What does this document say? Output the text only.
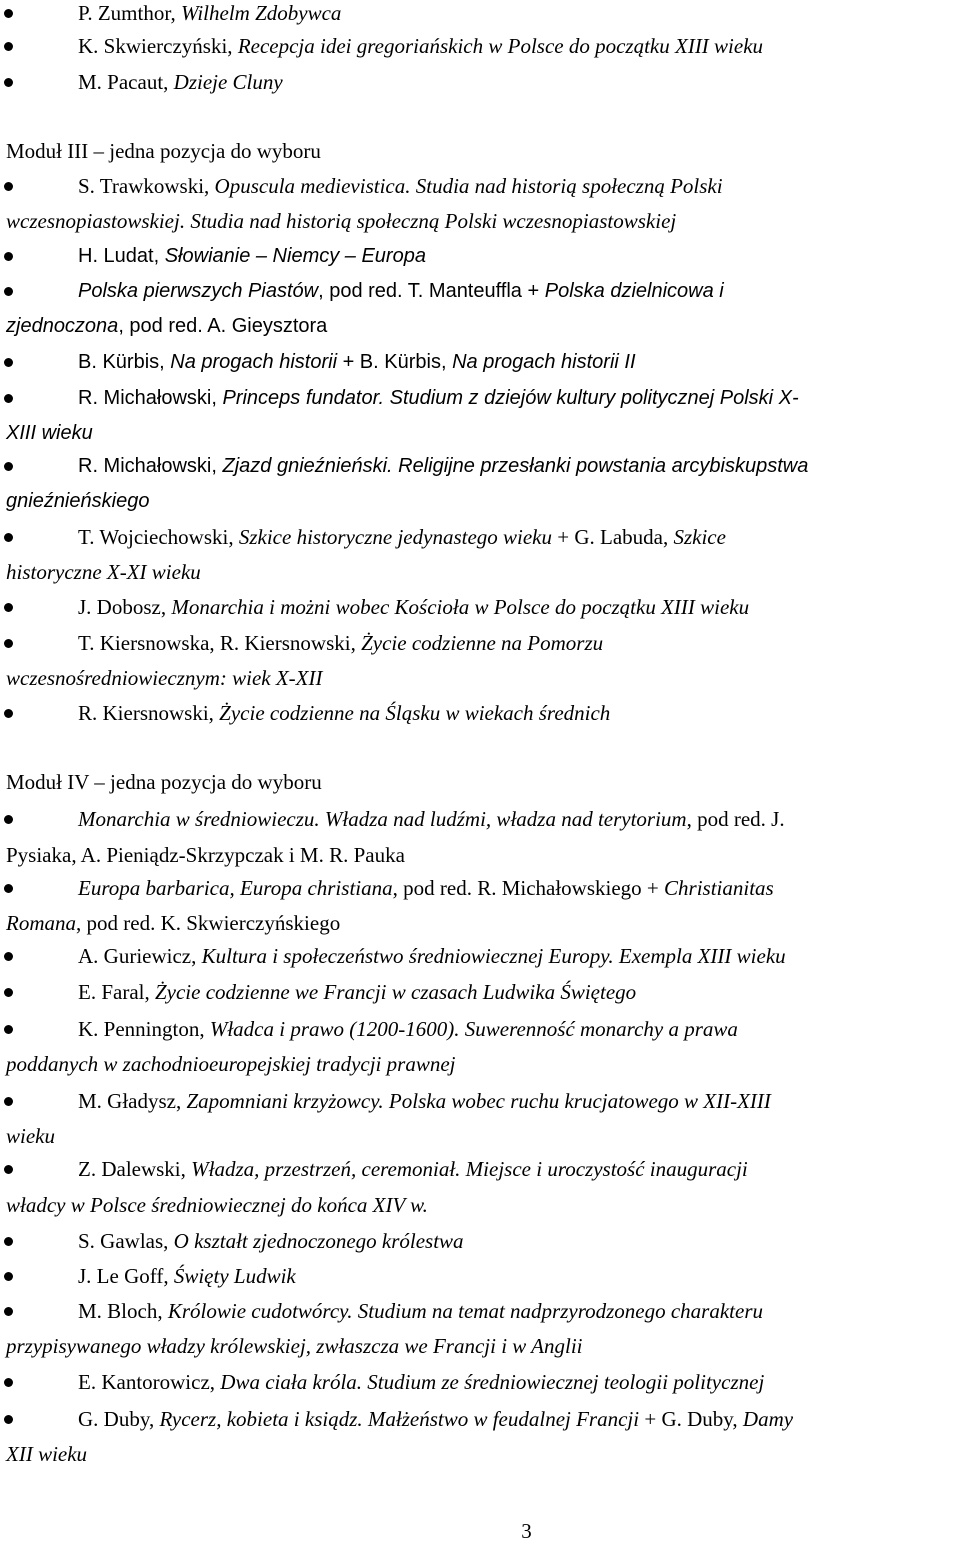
P. Zumthor, Wilhelm Zdobywca
K. Skwierczyński, Recepcja idei gregoriańskich w Polsce do początku XIII wieku
M. Pacaut, Dzieje Cluny
Moduł III – jedna pozycja do wyboru
S. Trawkowski, Opuscula medievistica. Studia nad historią społeczną Polski
wczesnopiastowskiej. Studia nad historią społeczną Polski wczesnopiastowskiej
H. Ludat, Słowianie – Niemcy – Europa
Polska pierwszych Piastów, pod red. T. Manteuffla + Polska dzielnicowa i
zjednoczona, pod red. A. Gieysztora
B. Kürbis, Na progach historii + B. Kürbis, Na progach historii II
R. Michałowski, Princeps fundator. Studium z dziejów kultury politycznej Polski X-
XIII wieku
R. Michałowski, Zjazd gnieźnieński. Religijne przesłanki powstania arcybiskupstwa
gnieźnieńskiego
T. Wojciechowski, Szkice historyczne jedynastego wieku + G. Labuda, Szkice
historyczne X-XI wieku
J. Dobosz, Monarchia i możni wobec Kościoła w Polsce do początku XIII wieku
T. Kiersnowska, R. Kiersnowski, Życie codzienne na Pomorzu
wczesnośredniowiecznym: wiek X-XII
R. Kiersnowski, Życie codzienne na Śląsku w wiekach średnich
Moduł IV – jedna pozycja do wyboru
Monarchia w średniowieczu. Władza nad ludźmi, władza nad terytorium, pod red. J.
Pysiaka, A. Pieniądz-Skrzypczak i M. R. Pauka
Europa barbarica, Europa christiana, pod red. R. Michałowskiego + Christianitas
Romana, pod red. K. Skwierczyńskiego
A. Guriewicz, Kultura i społeczeństwo średniowiecznej Europy. Exempla XIII wieku
E. Faral, Życie codzienne we Francji w czasach Ludwika Świętego
K. Pennington, Władca i prawo (1200-1600). Suwerenność monarchy a prawa
poddanych w zachodnioeuropejskiej tradycji prawnej
M. Gładysz, Zapomniani krzyżowcy. Polska wobec ruchu krucjatowego w XII-XIII
wieku
Z. Dalewski, Władza, przestrzeń, ceremoniał. Miejsce i uroczystość inauguracji
władcy w Polsce średniowiecznej do końca XIV w.
S. Gawlas, O kształt zjednoczonego królestwa
J. Le Goff, Święty Ludwik
M. Bloch, Królowie cudotwórcy. Studium na temat nadprzyrodzonego charakteru
przypisywanego władzy królewskiej, zwłaszcza we Francji i w Anglii
E. Kantorowicz, Dwa ciała króla. Studium ze średniowiecznej teologii politycznej
G. Duby, Rycerz, kobieta i ksiądz. Małżeństwo w feudalnej Francji + G. Duby, Damy
XII wieku
3
